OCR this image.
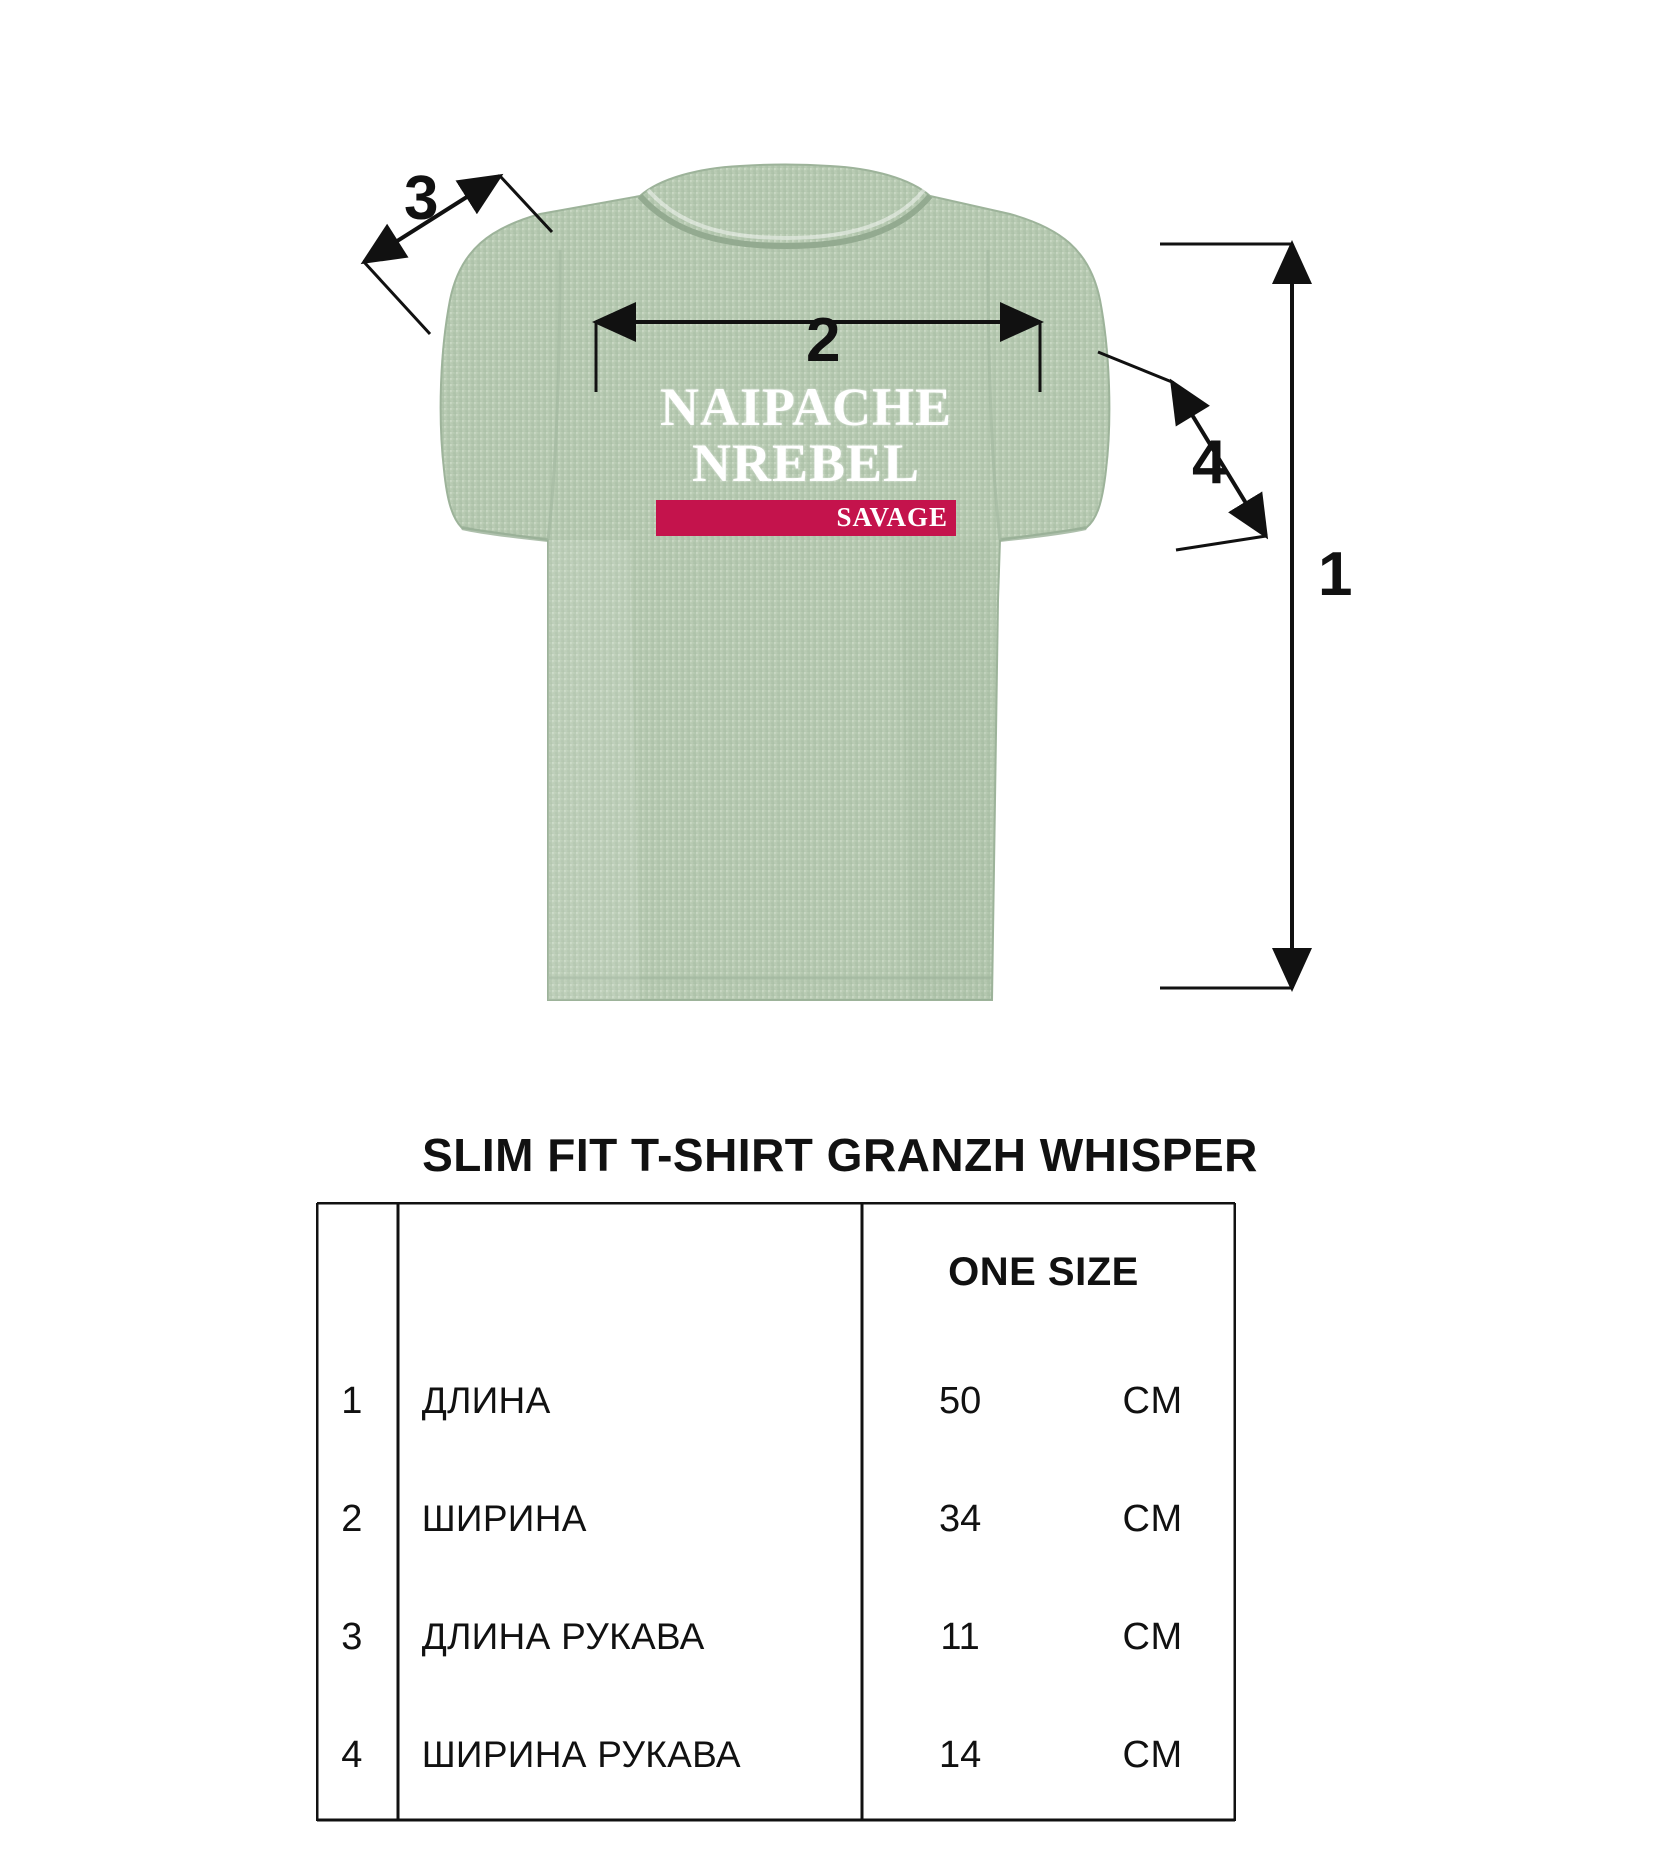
NAIPACHE
NREBEL
SAVAGE
2
1
3
4
SLIM FIT T-SHIRT GRANZH WHISPER
		ONE SIZE	
1	ДЛИНА	50	CM
2	ШИРИНА	34	CM
3	ДЛИНА РУКАВА	11	CM
4	ШИРИНА РУКАВА	14	CM
